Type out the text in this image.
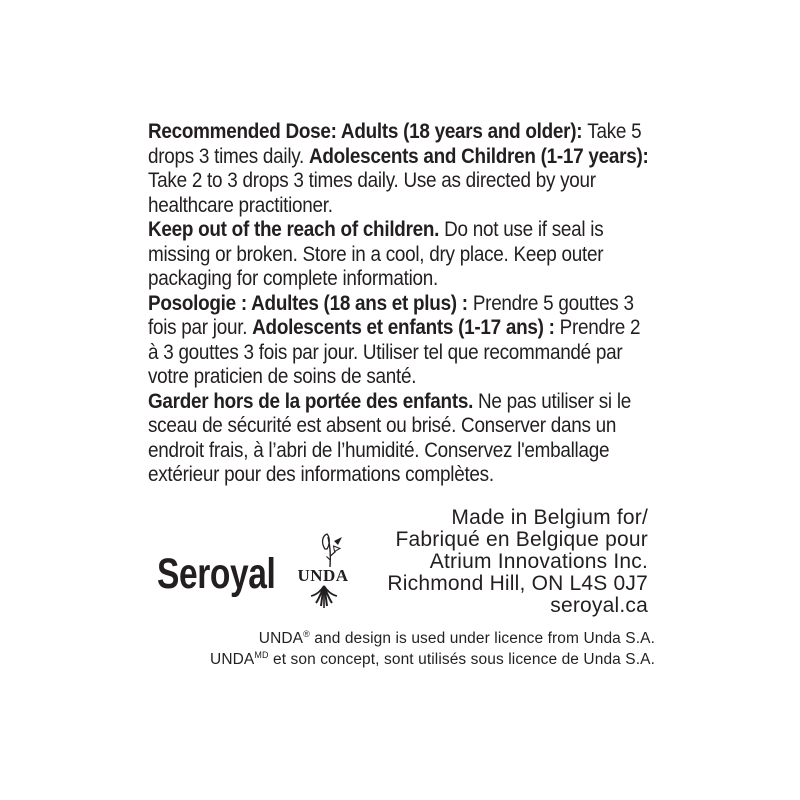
Recommended Dose: Adults (18 years and older): Take 5
drops 3 times daily. Adolescents and Children (1-17 years):
Take 2 to 3 drops 3 times daily. Use as directed by your
healthcare practitioner.
Keep out of the reach of children. Do not use if seal is
missing or broken. Store in a cool, dry place. Keep outer
packaging for complete information.
Posologie : Adultes (18 ans et plus) : Prendre 5 gouttes 3
fois par jour. Adolescents et enfants (1-17 ans) : Prendre 2
à 3 gouttes 3 fois par jour. Utiliser tel que recommandé par
votre praticien de soins de santé.
Garder hors de la portée des enfants. Ne pas utiliser si le
sceau de sécurité est absent ou brisé. Conserver dans un
endroit frais, à l’abri de l’humidité. Conservez l'emballage
extérieur pour des informations complètes.
Seroyal UNDA
Made in Belgium for/
Fabriqué en Belgique pour
Atrium Innovations Inc.
Richmond Hill, ON L4S 0J7
seroyal.ca
UNDA® and design is used under licence from Unda S.A.
$UNDA^{MD}$ et son concept, sont utilisés sous licence de Unda S.A.
